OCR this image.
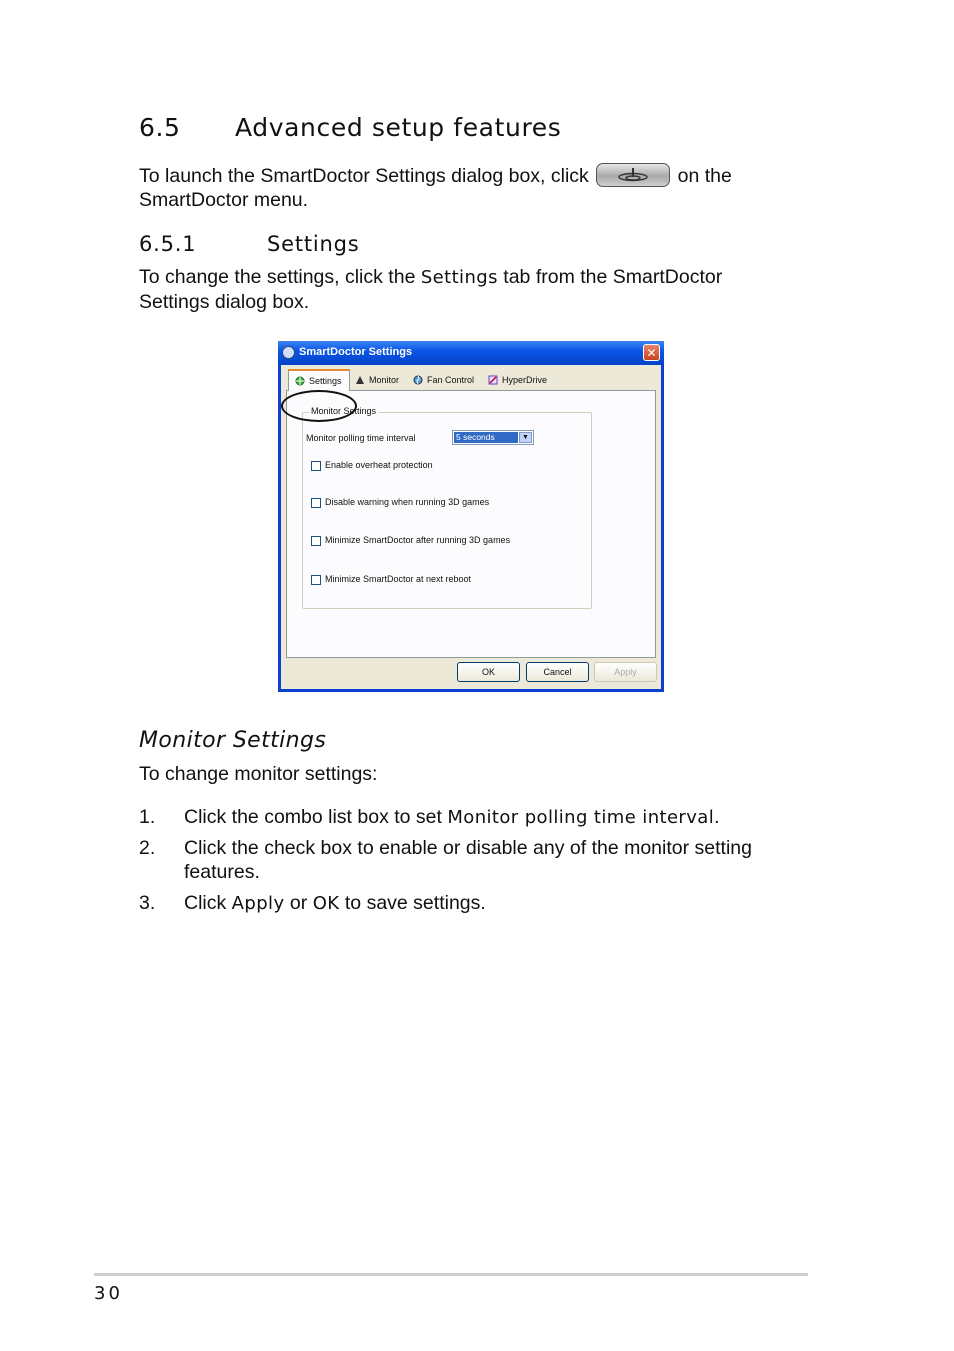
6.5 Advanced setup features
To launch the SmartDoctor Settings dialog box, click	on the
SmartDoctor menu.
6.5.1	Settings
To change the settings, click the Settings tab from the SmartDoctor
Settings dialog box.
SmartDoctor Settings	✕
Monitor Settings
Monitor polling time interval	5 seconds	▼
Enable overheat protection
Disable warning when running 3D games
Minimize SmartDoctor after running 3D games
Minimize SmartDoctor at next reboot
Settings	Monitor	Fan Control	HyperDrive
OK	Cancel	Apply
Monitor Settings
To change monitor settings:
1. Click the combo list box to set Monitor polling time interval.
2. Click the check box to enable or disable any of the monitor setting
features.
3. Click Apply or OK to save settings.
30
